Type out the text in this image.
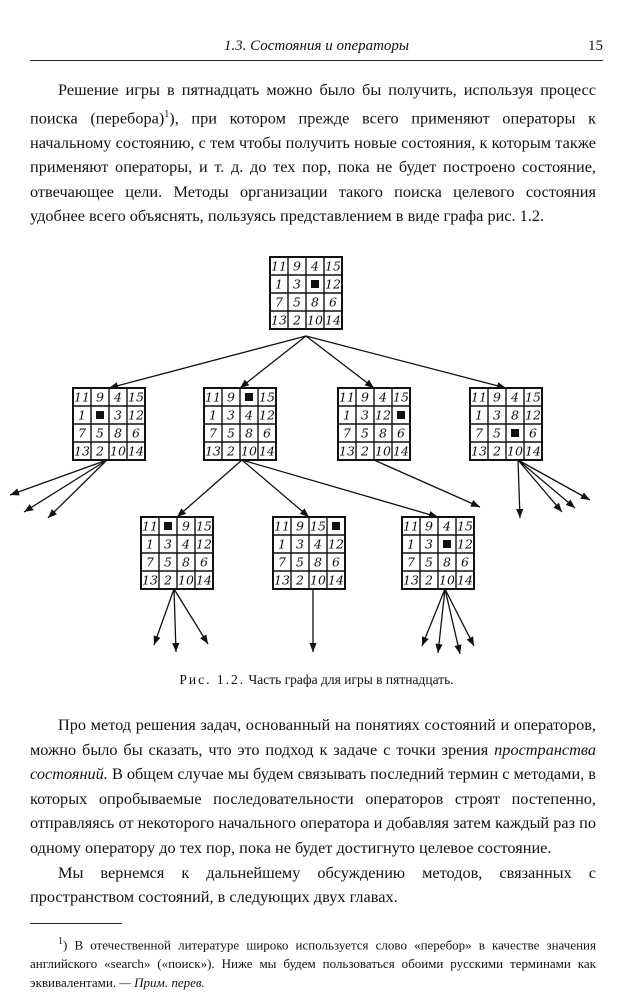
1.3. Состояния и операторы	15

Решение игры в пятнадцать можно было бы получить, используя процесс поиска (перебора)$^1$), при котором прежде всего применяют операторы к начальному состоянию, с тем чтобы получить новые состояния, к которым также применяют операторы, и т. д. до тех пор, пока не будет построено состояние, отвечающее цели. Методы организации такого поиска целевого состояния удобнее всего объяснять, пользуясь представлением в виде графа рис. 1.2.

11 9 4 15
1 3 12
7 5 8 6
13 2 10 14
11 9 4 15
1 3 12
7 5 8 6
13 2 10 14
11 9 15
1 3 4 12
7 5 8 6
13 2 10 14
11 9 4 15
1 3 12
7 5 8 6
13 2 10 14
11 9 4 15
1 3 8 12
7 5 6
13 2 10 14
11 9 15
1 3 4 12
7 5 8 6
13 2 10 14
11 9 15
1 3 4 12
7 5 8 6
13 2 10 14
11 9 4 15
1 3 12
7 5 8 6
13 2 10 14
Рис. 1.2. Часть графа для игры в пятнадцать.

Про метод решения задач, основанный на понятиях состояний и операторов, можно было бы сказать, что это подход к задаче с точки зрения пространства состояний. В общем случае мы будем связывать последний термин с методами, в которых опробываемые последовательности операторов строят постепенно, отправляясь от некоторого начального оператора и добавляя затем каждый раз по одному оператору до тех пор, пока не будет достигнуто целевое состояние.

Мы вернемся к дальнейшему обсуждению методов, связанных с пространством состояний, в следующих двух главах.

$^1$) В отечественной литературе широко используется слово «перебор» в качестве значения английского «search» («поиск»). Ниже мы будем пользоваться обоими русскими терминами как эквивалентами. — Прим. перев.
